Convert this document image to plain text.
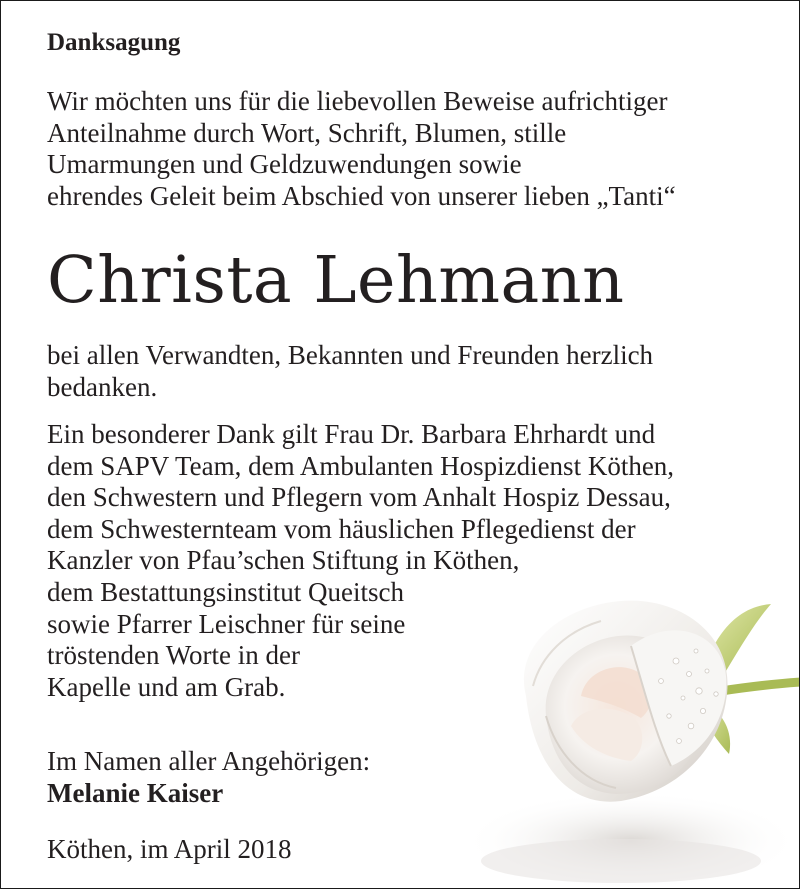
Danksagung

Wir möchten uns für die liebevollen Beweise aufrichtiger
Anteilnahme durch Wort, Schrift, Blumen, stille
Umarmungen und Geldzuwendungen sowie
ehrendes Geleit beim Abschied von unserer lieben „Tanti“

Christa Lehmann

bei allen Verwandten, Bekannten und Freunden herzlich
bedanken.

Ein besonderer Dank gilt Frau Dr. Barbara Ehrhardt und
dem SAPV Team, dem Ambulanten Hospizdienst Köthen,
den Schwestern und Pflegern vom Anhalt Hospiz Dessau,
dem Schwesternteam vom häuslichen Pflegedienst der
Kanzler von Pfau’schen Stiftung in Köthen,
dem Bestattungsinstitut Queitsch
sowie Pfarrer Leischner für seine
tröstenden Worte in der
Kapelle und am Grab.

Im Namen aller Angehörigen:
Melanie Kaiser

Köthen, im April 2018
